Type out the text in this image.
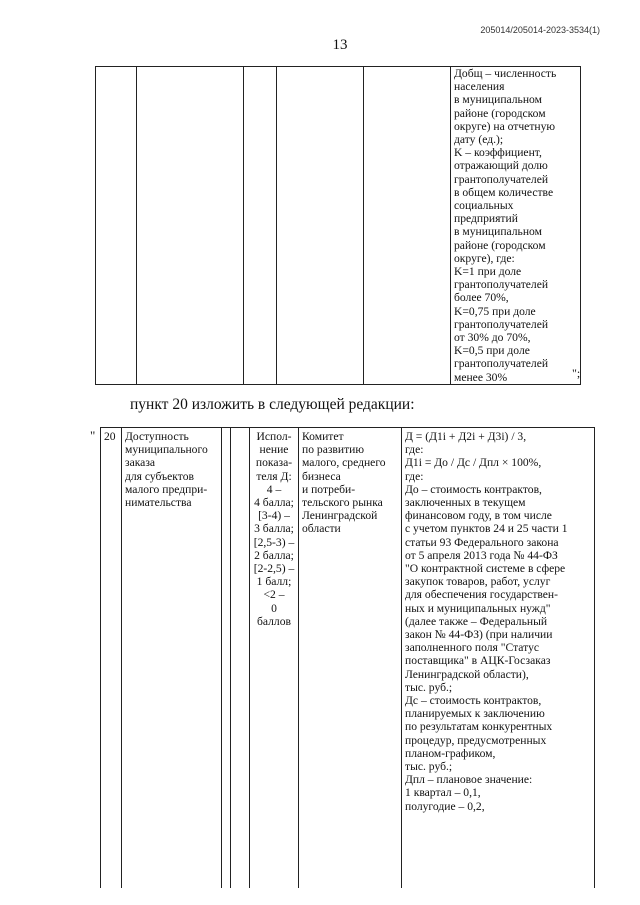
205014/205014-2023-3534(1)
13
					Добщ – численность
населения
в муниципальном
районе (городском
округе) на отчетную
дату (ед.);
K – коэффициент,
отражающий долю
грантополучателей
в общем количестве
социальных
предприятий
в муниципальном
районе (городском
округе), где:
K=1 при доле
грантополучателей
более 70%,
K=0,75 при доле
грантополучателей
от 30% до 70%,
K=0,5 при доле
грантополучателей
менее 30%	";
пункт 20 изложить в следующей редакции:
" 20	Доступность
муниципального
заказа
для субъектов
малого предпри-
нимательства			Испол-
нение
показа-
теля Д:
4 –
4 балла;
[3-4) –
3 балла;
[2,5-3) –
2 балла;
[2-2,5) –
1 балл;
<2 –
0 баллов	Комитет
по развитию
малого, среднего
бизнеса
и потреби-
тельского рынка
Ленинградской
области	Д = (Д1i + Д2i + Д3i) / 3,
где:
Д1i = До / Дс / Дпл × 100%,
где:
До – стоимость контрактов,
заключенных в текущем
финансовом году, в том числе
с учетом пунктов 24 и 25 части 1
статьи 93 Федерального закона
от 5 апреля 2013 года № 44-ФЗ
"О контрактной системе в сфере
закупок товаров, работ, услуг
для обеспечения государствен-
ных и муниципальных нужд"
(далее также – Федеральный
закон № 44-ФЗ) (при наличии
заполненного поля "Статус
поставщика" в АЦК-Госзаказ
Ленинградской области),
тыс. руб.;
Дс – стоимость контрактов,
планируемых к заключению
по результатам конкурентных
процедур, предусмотренных
планом-графиком,
тыс. руб.;
Дпл – плановое значение:
1 квартал – 0,1,
полугодие – 0,2,
